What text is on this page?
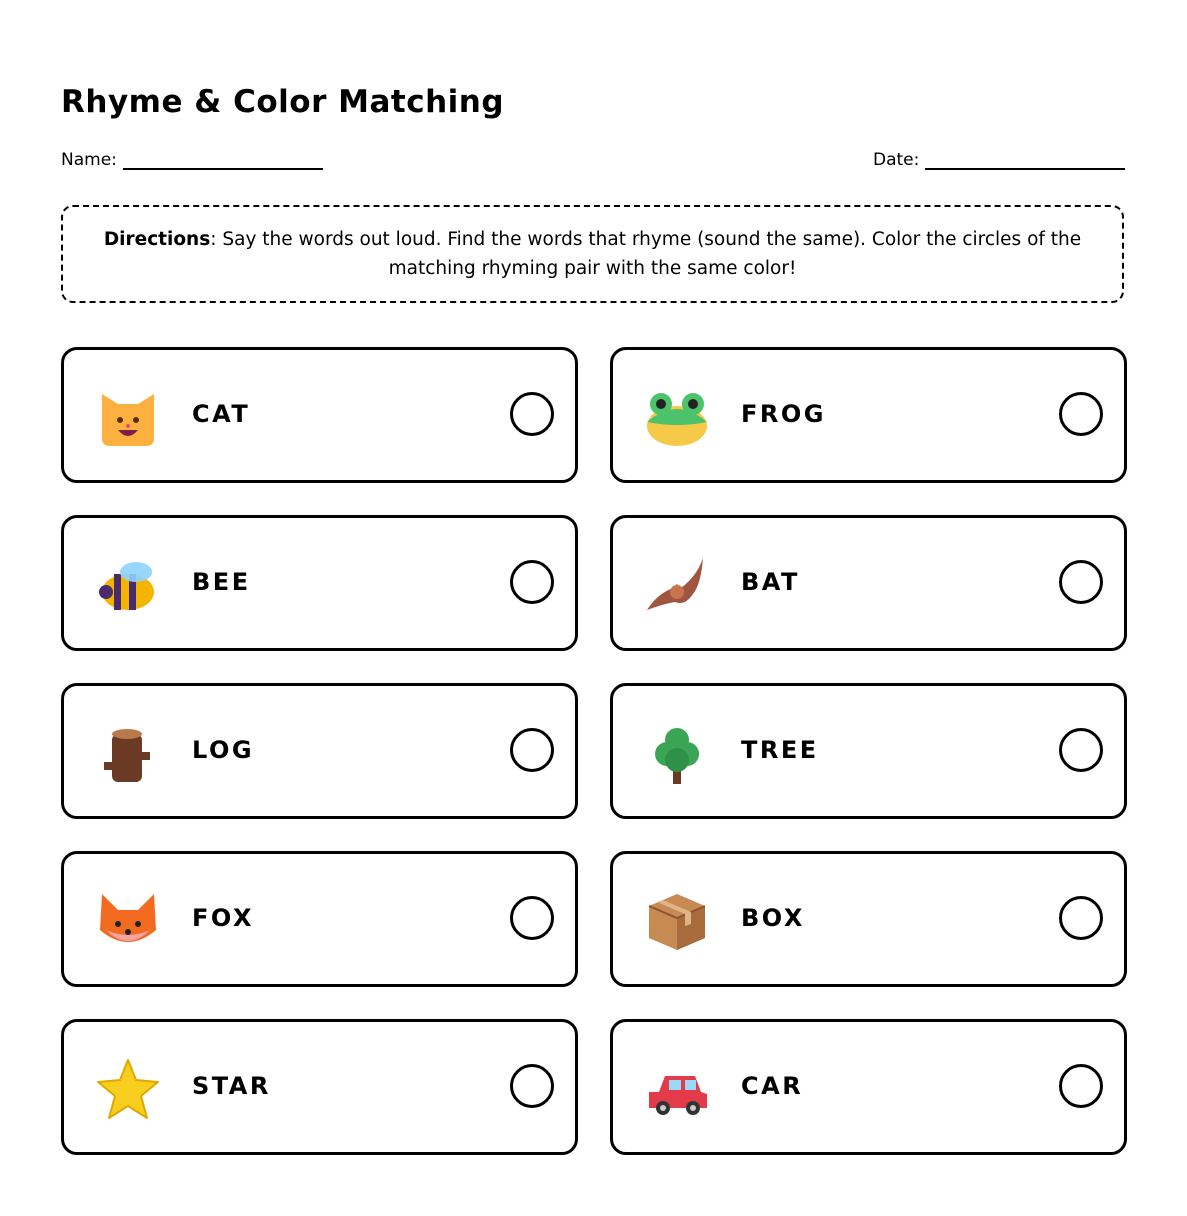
Rhyme & Color Matching
Name:	Date:
Directions: Say the words out loud. Find the words that rhyme (sound the same). Color the circles of the matching rhyming pair with the same color!
CAT	FROG
BEE	BAT
LOG	TREE
FOX	BOX
STAR	CAR
